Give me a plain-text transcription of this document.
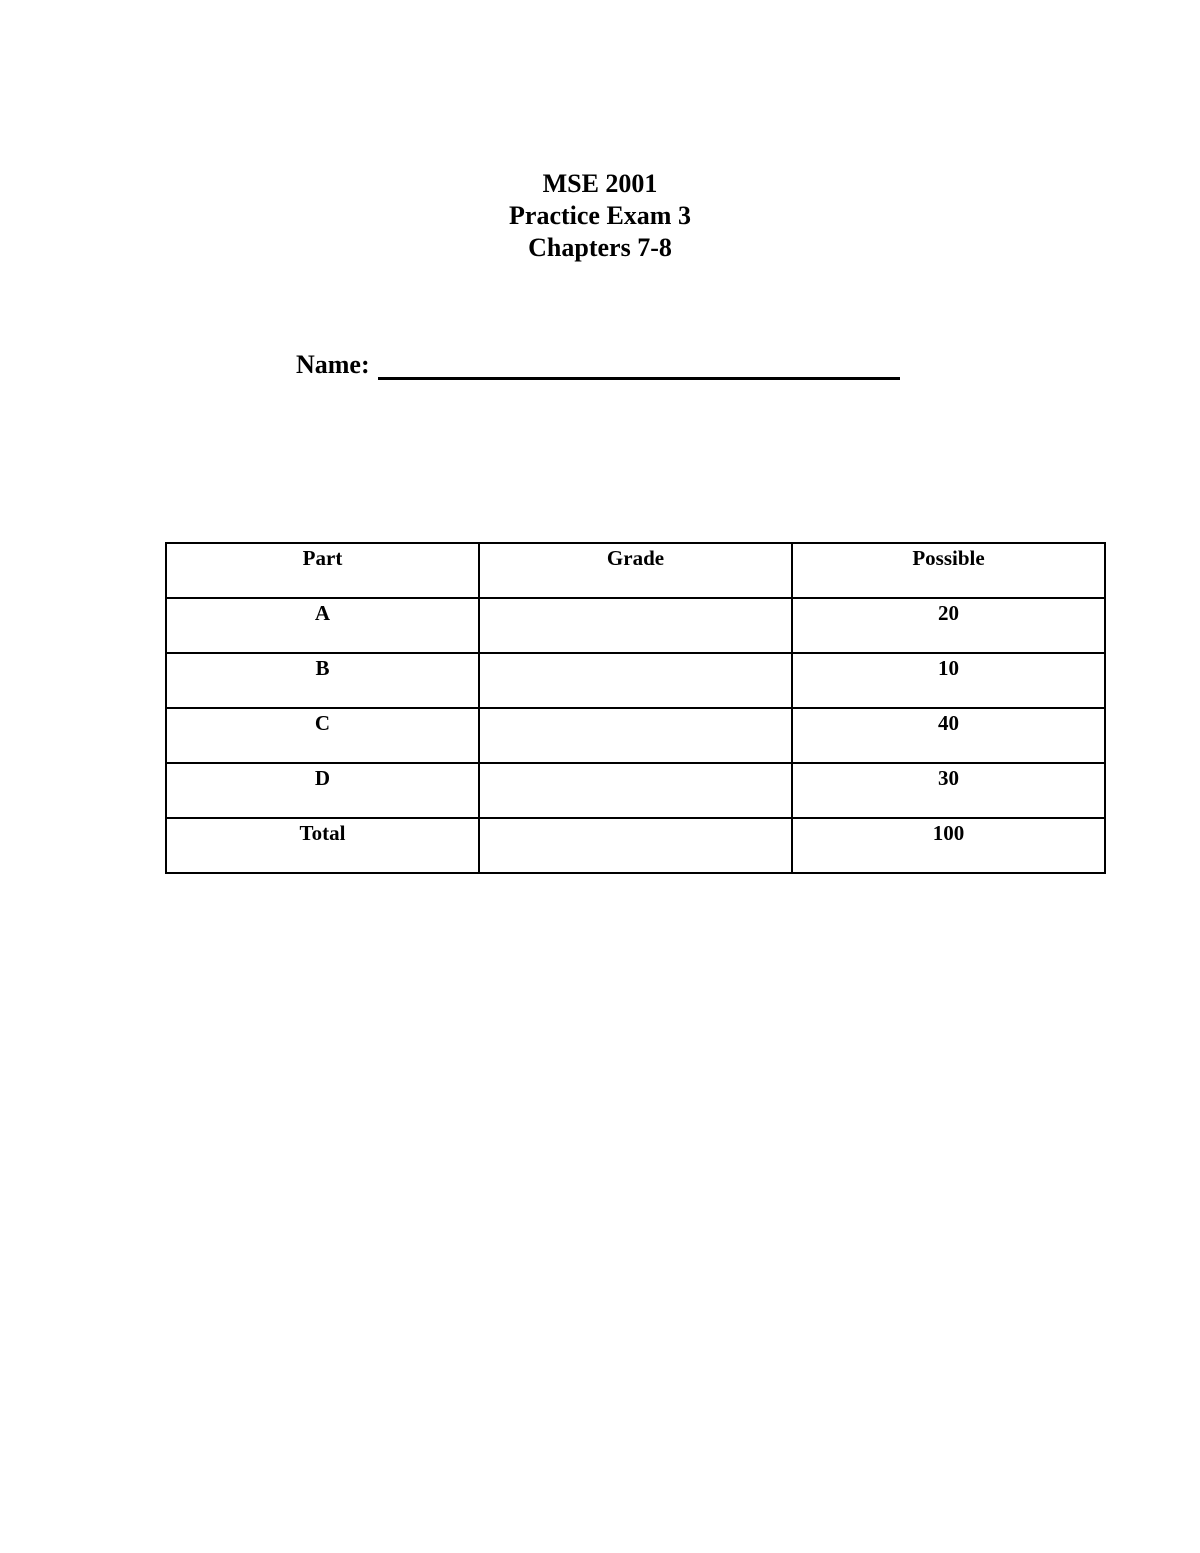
MSE 2001
Practice Exam 3
Chapters 7-8
Name:
Part	Grade	Possible
A		20
B		10
C		40
D		30
Total		100
